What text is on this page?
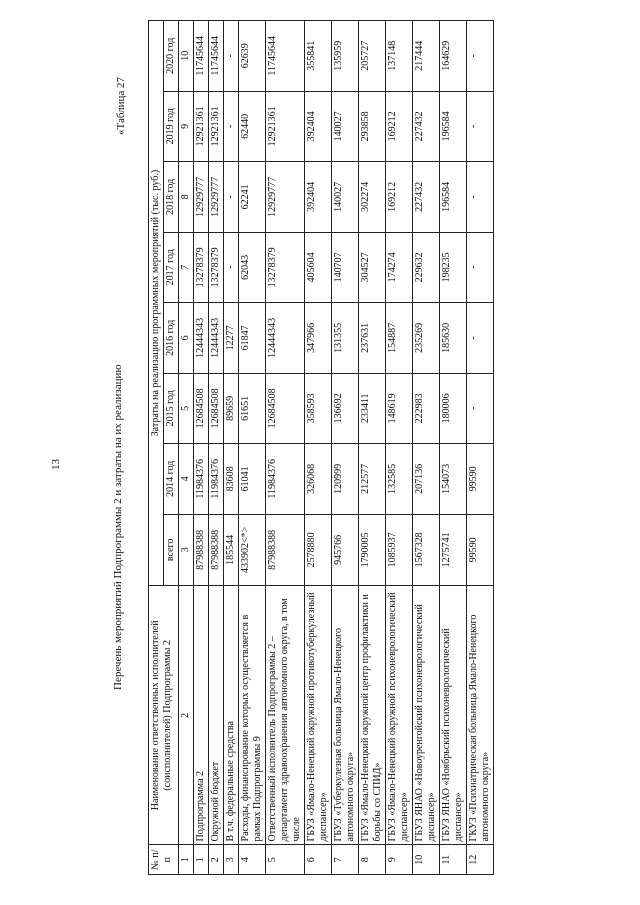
13
«Таблица 27
Перечень мероприятий Подпрограммы 2 и затраты на их реализацию
№ п/п	Наименование ответственных исполнителей (соисполнителей) Подпрограммы 2	Затраты на реализацию программных мероприятий (тыс. руб.)							
		всего	2014 год	2015 год	2016 год	2017 год	2018 год	2019 год	2020 год
1	2	3	4	5	6	7	8	9	10
1	Подпрограмма 2	87988388	11984376	12684508	12444343	13278379	12929777	12921361	11745644
2	Окружной бюджет	87988388	11984376	12684508	12444343	13278379	12929777	12921361	11745644
3	В т.ч. федеральные средства	185544	83608	89659	12277	-	-	-	-
4	Расходы, финансирование которых осуществляется в рамках Подпрограммы 9	433902<*>	61041	61651	61847	62043	62241	62440	62639
5	Ответственный исполнитель Подпрограммы 2 – департамент здравоохранения автономного округа, в том числе	87988388	11984376	12684508	12444343	13278379	12929777	12921361	11745644
6	ГБУЗ «Ямало-Ненецкий окружной противотуберкулезный диспансер»	2578880	326068	358593	347966	405604	392404	392404	355841
7	ГБУЗ «Туберкулезная больница Ямало-Ненецкого автономного округа»	945766	120999	136692	131355	140707	140027	140027	135959
8	ГБУЗ «Ямало-Ненецкий окружной центр профилактики и борьбы со СПИД»	1790005	212577	233411	237631	304527	302274	293858	205727
9	ГБУЗ «Ямало-Ненецкий окружной психоневрологический диспансер»	1085937	132585	148619	154887	174274	169212	169212	137148
10	ГБУЗ ЯНАО «Новоуренгойский психоневрологический диспансер»	1567328	207136	222983	235269	229632	227432	227432	217444
11	ГБУЗ ЯНАО «Ноябрьский психоневрологический диспансер»	1275741	154073	180006	185630	198235	196584	196584	164629
12	ГКУЗ «Психиатрическая больница Ямало-Ненецкого автономного округа»	99590	99590	-	-	-	-	-	-
